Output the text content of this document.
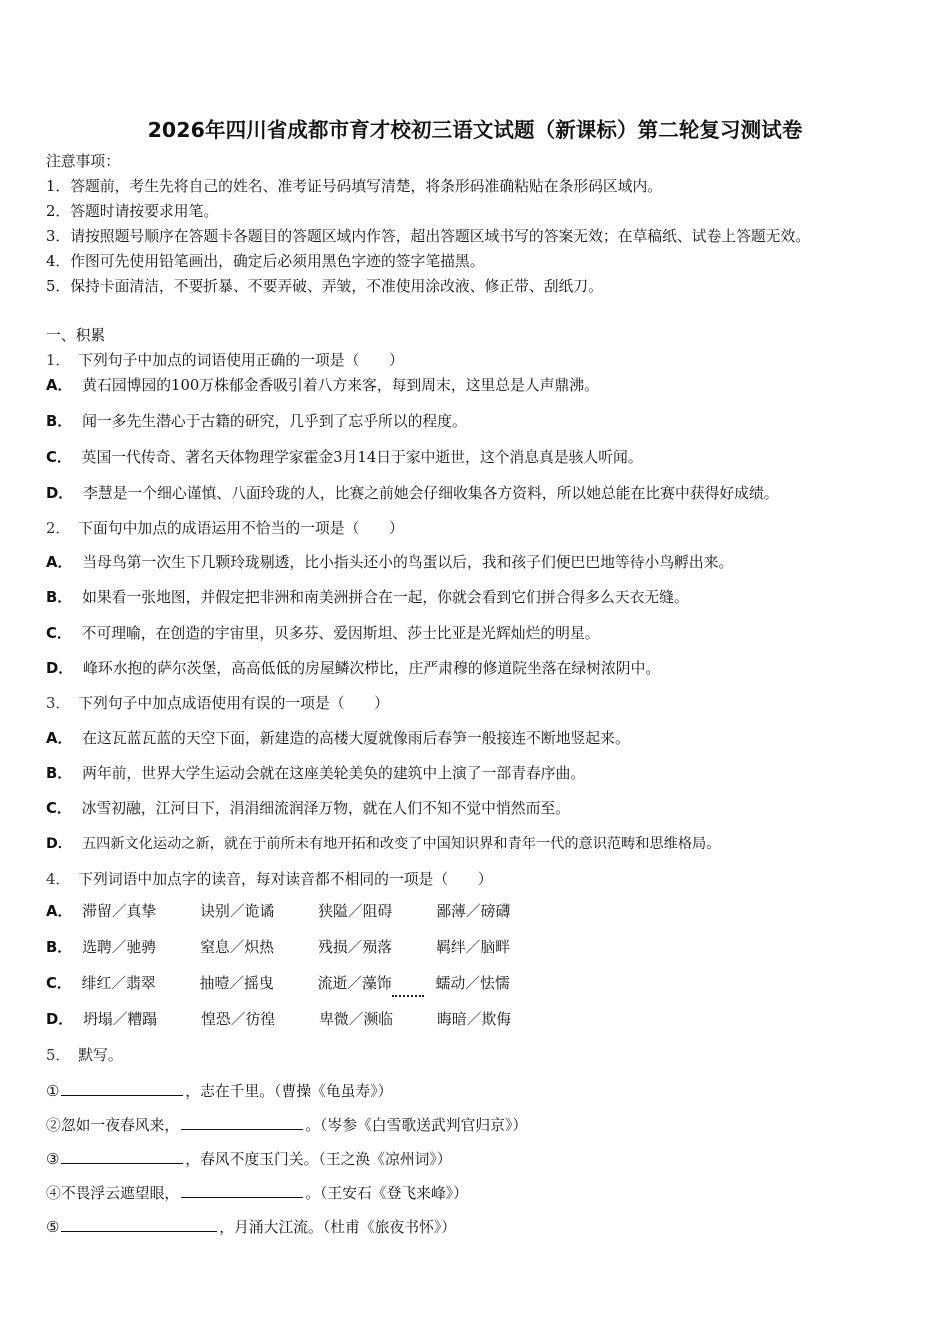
2026年四川省成都市育才校初三语文试题（新课标）第二轮复习测试卷
注意事项：
1．答题前，考生先将自己的姓名、准考证号码填写清楚，将条形码准确粘贴在条形码区域内。
2．答题时请按要求用笔。
3．请按照题号顺序在答题卡各题目的答题区域内作答，超出答题区域书写的答案无效；在草稿纸、试卷上答题无效。
4．作图可先使用铅笔画出，确定后必须用黑色字迹的签字笔描黑。
5．保持卡面清洁，不要折暴、不要弄破、弄皱，不准使用涂改液、修正带、刮纸刀。
一、积累
1． 下列句子中加点的词语使用正确的一项是（　　）
A． 黄石园博园的100万株郁金香吸引着八方来客，每到周末，这里总是人声鼎沸。
B． 闻一多先生潜心于古籍的研究，几乎到了忘乎所以的程度。
C． 英国一代传奇、著名天体物理学家霍金3月14日于家中逝世，这个消息真是骇人听闻。
D． 李慧是一个细心谨慎、八面玲珑的人，比赛之前她会仔细收集各方资料，所以她总能在比赛中获得好成绩。
2． 下面句中加点的成语运用不恰当的一项是（　　）
A． 当母鸟第一次生下几颗玲珑剔透，比小指头还小的鸟蛋以后，我和孩子们便巴巴地等待小鸟孵出来。
B． 如果看一张地图，并假定把非洲和南美洲拼合在一起，你就会看到它们拼合得多么天衣无缝。
C． 不可理喻，在创造的宇宙里，贝多芬、爱因斯坦、莎士比亚是光辉灿烂的明星。
D． 峰环水抱的萨尔茨堡，高高低低的房屋鳞次栉比，庄严肃穆的修道院坐落在绿树浓阴中。
3． 下列句子中加点成语使用有误的一项是（　　）
A． 在这瓦蓝瓦蓝的天空下面，新建造的高楼大厦就像雨后春笋一般接连不断地竖起来。
B． 两年前，世界大学生运动会就在这座美轮美奂的建筑中上演了一部青春序曲。
C． 冰雪初融，江河日下，涓涓细流润泽万物，就在人们不知不觉中悄然而至。
D． 五四新文化运动之新，就在于前所未有地开拓和改变了中国知识界和青年一代的意识范畴和思维格局。
4． 下列词语中加点字的读音，每对读音都不相同的一项是（　　）
A． 滞留／真挚	诀别／诡谲	狭隘／阻碍	鄙薄／磅礴
B． 选聘／驰骋	窒息／炽热	残损／殒落	羁绊／脑畔
C． 绯红／翡翠	抽噎／摇曳	流逝／藻饰	蠕动／怯懦
D． 坍塌／糟蹋	惶恐／彷徨	卑微／濒临	晦暗／欺侮
5． 默写。
①	，志在千里。（曹操《龟虽寿》）
②忽如一夜春风来，	。（岑参《白雪歌送武判官归京》）
③	，春风不度玉门关。（王之涣《凉州词》）
④不畏浮云遮望眼，	。（王安石《登飞来峰》）
⑤	，月涌大江流。（杜甫《旅夜书怀》）
